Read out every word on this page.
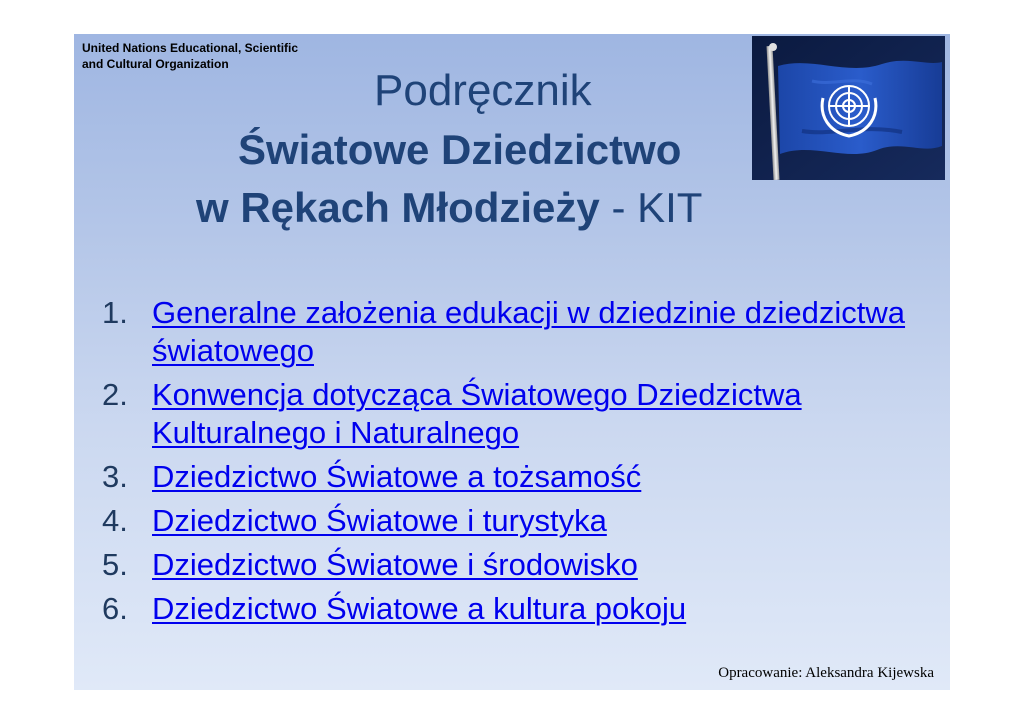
United Nations Educational, Scientific
and Cultural Organization
Podręcznik
Światowe Dziedzictwo
w Rękach Młodzieży - KIT
1. Generalne założenia edukacji w dziedzinie dziedzictwa światowego
2. Konwencja dotycząca Światowego Dziedzictwa Kulturalnego i Naturalnego
3. Dziedzictwo Światowe a tożsamość
4. Dziedzictwo Światowe i turystyka
5. Dziedzictwo Światowe i środowisko
6. Dziedzictwo Światowe a kultura pokoju
Opracowanie: Aleksandra Kijewska
